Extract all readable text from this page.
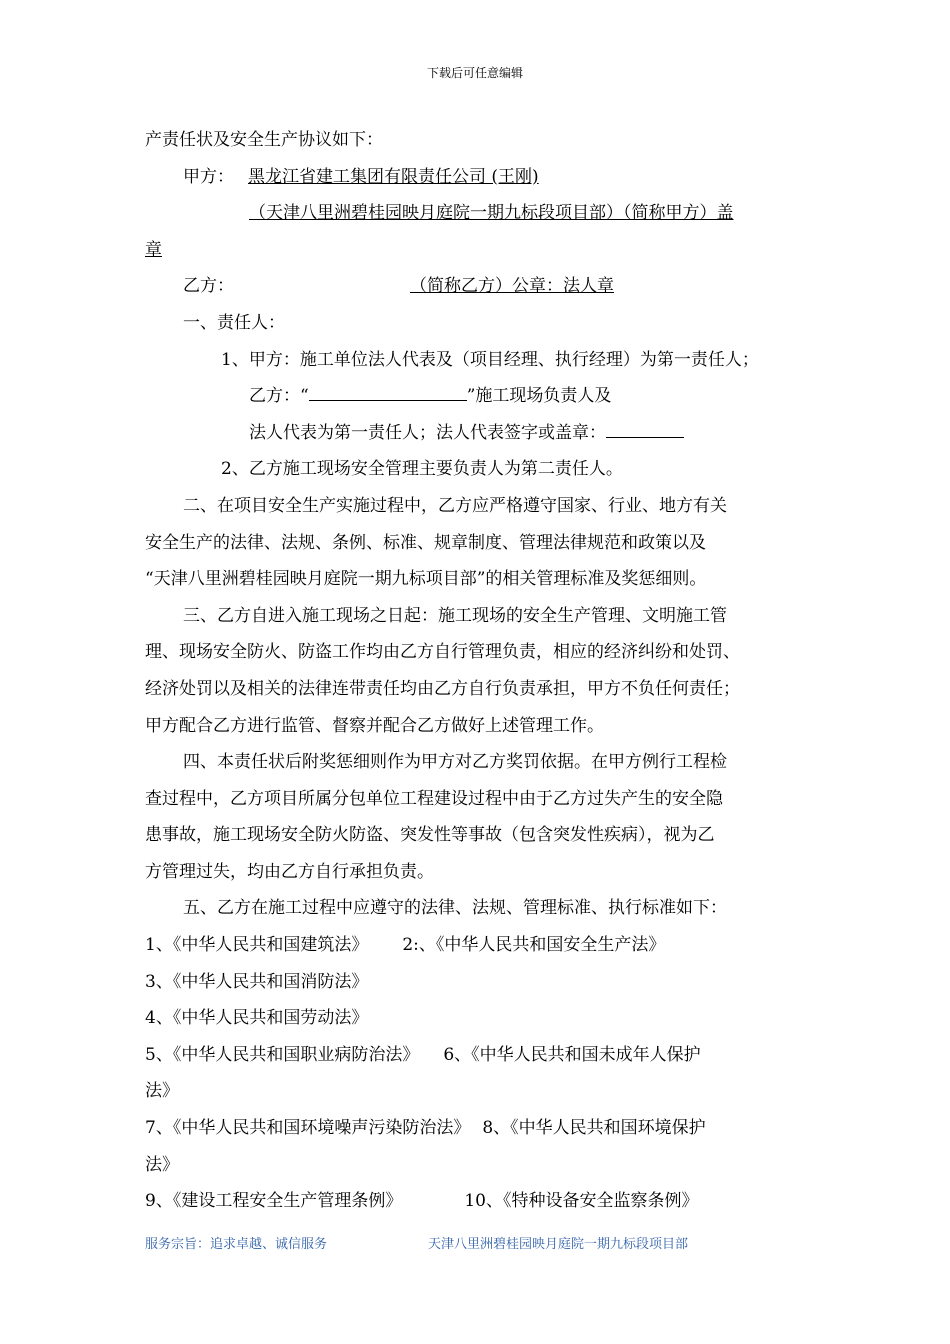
下载后可任意编辑

产责任状及安全生产协议如下：

甲方： 黑龙江省建工集团有限责任公司 (王刚)

（天津八里洲碧桂园映月庭院一期九标段项目部）（简称甲方）盖

章

乙方：	（简称乙方）公章：法人章

一、责任人：

1、甲方：施工单位法人代表及（项目经理、执行经理）为第一责任人；

乙方：“	”施工现场负责人及

法人代表为第一责任人；法人代表签字或盖章：

2、乙方施工现场安全管理主要负责人为第二责任人。

二、在项目安全生产实施过程中，乙方应严格遵守国家、行业、地方有关

安全生产的法律、法规、条例、标准、规章制度、管理法律规范和政策以及

“天津八里洲碧桂园映月庭院一期九标项目部”的相关管理标准及奖惩细则。

三、乙方自进入施工现场之日起：施工现场的安全生产管理、文明施工管

理、现场安全防火、防盗工作均由乙方自行管理负责，相应的经济纠纷和处罚、

经济处罚以及相关的法律连带责任均由乙方自行负责承担，甲方不负任何责任；

甲方配合乙方进行监管、督察并配合乙方做好上述管理工作。

四、本责任状后附奖惩细则作为甲方对乙方奖罚依据。在甲方例行工程检

查过程中，乙方项目所属分包单位工程建设过程中由于乙方过失产生的安全隐

患事故，施工现场安全防火防盗、突发性等事故（包含突发性疾病），视为乙

方管理过失，均由乙方自行承担负责。

五、乙方在施工过程中应遵守的法律、法规、管理标准、执行标准如下：

1、《中华人民共和国建筑法》 2:、《中华人民共和国安全生产法》

3、《中华人民共和国消防法》

4、《中华人民共和国劳动法》

5、《中华人民共和国职业病防治法》 6、《中华人民共和国未成年人保护

法》

7、《中华人民共和国环境噪声污染防治法》 8、《中华人民共和国环境保护

法》

9、《建设工程安全生产管理条例》	10、《特种设备安全监察条例》

服务宗旨：追求卓越、诚信服务	天津八里洲碧桂园映月庭院一期九标段项目部
